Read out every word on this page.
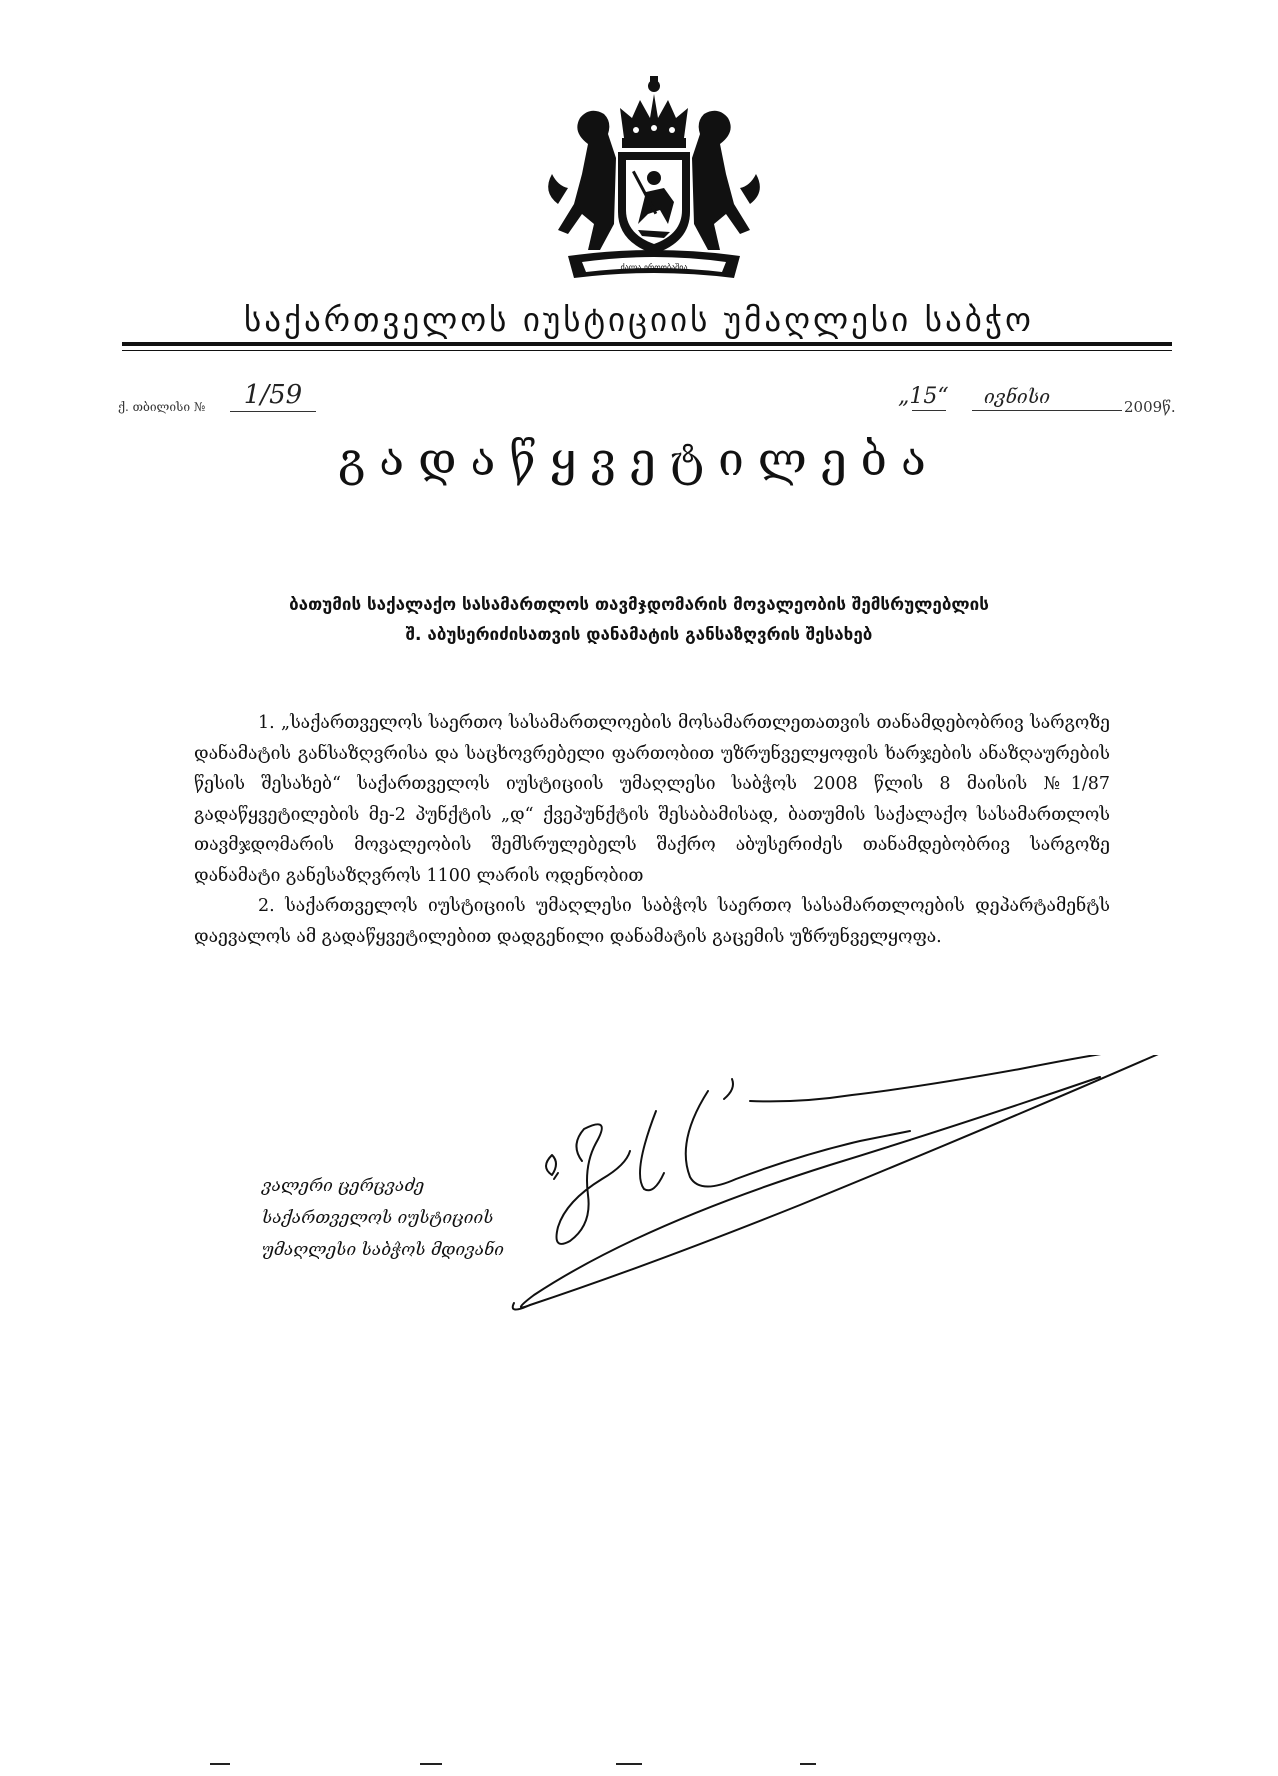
ძალა ერთობაშია
საქართველოს იუსტიციის უმაღლესი საბჭო
ქ. თბილისი №	1/59	„15“ ივნისი	2009წ.
გადაწყვეტილება
ბათუმის საქალაქო სასამართლოს თავმჯდომარის მოვალეობის შემსრულებლის
შ. აბუსერიძისათვის დანამატის განსაზღვრის შესახებ

1. „საქართველოს საერთო სასამართლოების მოსამართლეთათვის თანამდებობრივ სარგოზე დანამატის განსაზღვრისა და საცხოვრებელი ფართობით უზრუნველყოფის ხარჯების ანაზღაურების წესის შესახებ“ საქართველოს იუსტიციის უმაღლესი საბჭოს 2008 წლის 8 მაისის №1/87 გადაწყვეტილების მე-2 პუნქტის „დ“ ქვეპუნქტის შესაბამისად, ბათუმის საქალაქო სასამართლოს თავმჯდომარის მოვალეობის შემსრულებელს შაქრო აბუსერიძეს თანამდებობრივ სარგოზე დანამატი განესაზღვროს 1100 ლარის ოდენობით

2. საქართველოს იუსტიციის უმაღლესი საბჭოს საერთო სასამართლოების დეპარტამენტს დაევალოს ამ გადაწყვეტილებით დადგენილი დანამატის გაცემის უზრუნველყოფა.

ვალერი ცერცვაძე
საქართველოს იუსტიციის
უმაღლესი საბჭოს მდივანი
